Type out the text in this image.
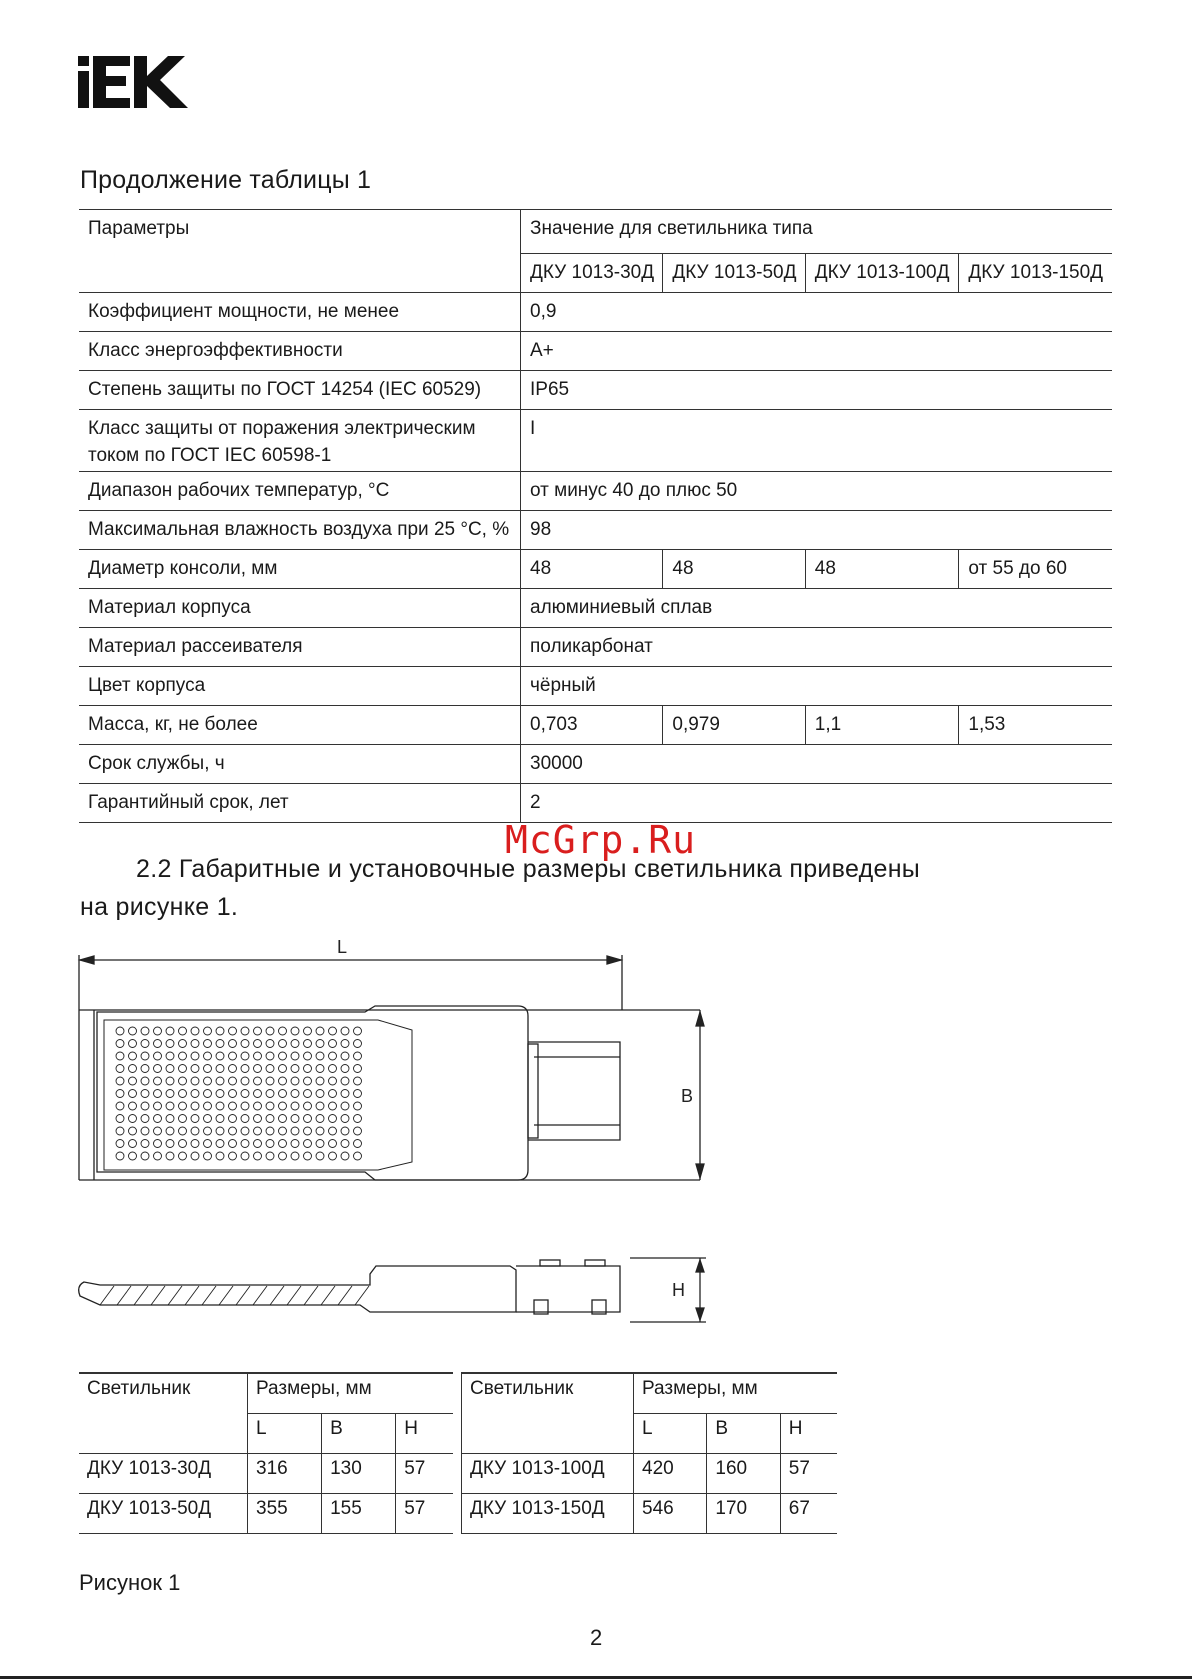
Продолжение таблицы 1
Параметры	Значение для светильника типа			
	ДКУ 1013-30Д	ДКУ 1013-50Д	ДКУ 1013-100Д	ДКУ 1013-150Д
Коэффициент мощности, не менее	0,9			
Класс энергоэффективности	А+			
Степень защиты по ГОСТ 14254 (IEC 60529)	IP65			
Класс защиты от поражения электрическим током по ГОСТ IEC 60598-1	I			
Диапазон рабочих температур, °С	от минус 40 до плюс 50			
Максимальная влажность воздуха при 25 °С, %	98			
Диаметр консоли, мм	48	48	48	от 55 до 60
Материал корпуса	алюминиевый сплав			
Материал рассеивателя	поликарбонат			
Цвет корпуса	чёрный			
Масса, кг, не более	0,703	0,979	1,1	1,53
Срок службы, ч	30000			
Гарантийный срок, лет	2			
2.2 Габаритные и установочные размеры светильника приведены
на рисунке 1.
McGrp.Ru
L
B
H
Светильник	Размеры, мм		
	L	B	H
ДКУ 1013-30Д	316	130	57
ДКУ 1013-50Д	355	155	57
Светильник	Размеры, мм		
	L	B	H
ДКУ 1013-100Д	420	160	57
ДКУ 1013-150Д	546	170	67
Рисунок 1
2
